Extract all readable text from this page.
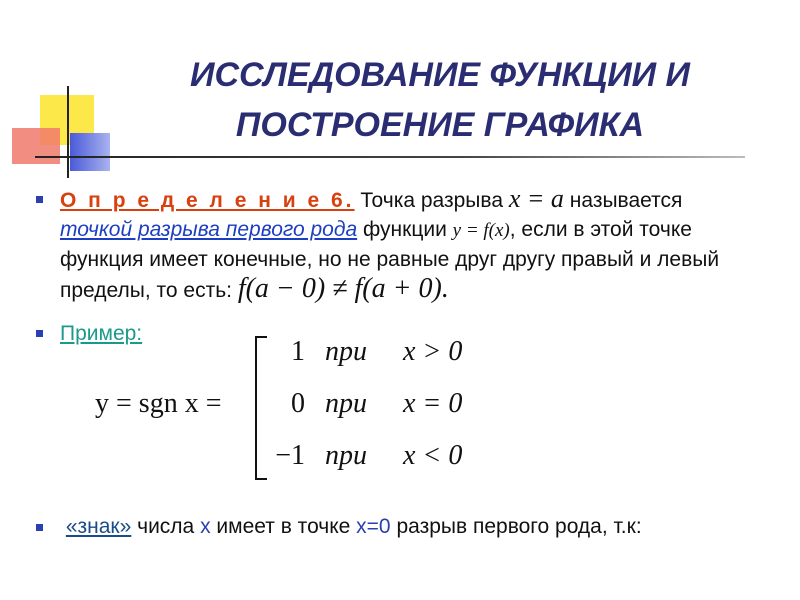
ИССЛЕДОВАНИЕ ФУНКЦИИ И
ПОСТРОЕНИЕ ГРАФИКА

О п р е д е л е н и е 6. Точка разрыва x = a называется точкой разрыва первого рода функции y = f(x), если в этой точке функция имеет конечные, но не равные друг другу правый и левый пределы, то есть: f(a − 0) ≠ f(a + 0).

Пример:

y = sgn x =
1 при x > 0
0 при x = 0
−1 при x < 0

«знак» числа x имеет в точке x=0 разрыв первого рода, т.к:
